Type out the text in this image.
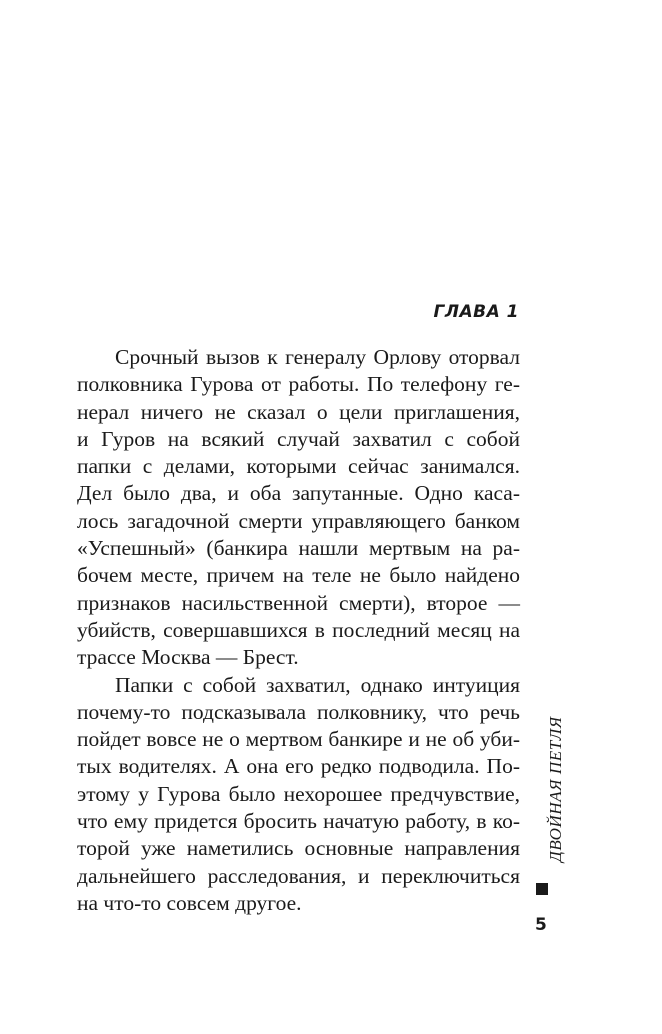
ГЛАВА 1
Срочный вызов к генералу Орлову оторвал
полковника Гурова от работы. По телефону ге-
нерал ничего не сказал о цели приглашения,
и Гуров на всякий случай захватил с собой
папки с делами, которыми сейчас занимался.
Дел было два, и оба запутанные. Одно каса-
лось загадочной смерти управляющего банком
«Успешный» (банкира нашли мертвым на ра-
бочем месте, причем на теле не было найдено
признаков насильственной смерти), второе —
убийств, совершавшихся в последний месяц на
трассе Москва — Брест.
Папки с собой захватил, однако интуиция
почему-то подсказывала полковнику, что речь
пойдет вовсе не о мертвом банкире и не об уби-
тых водителях. А она его редко подводила. По-
этому у Гурова было нехорошее предчувствие,
что ему придется бросить начатую работу, в ко-
торой уже наметились основные направления
дальнейшего расследования, и переключиться
на что-то совсем другое.
ДВОЙНАЯ ПЕТЛЯ
5
